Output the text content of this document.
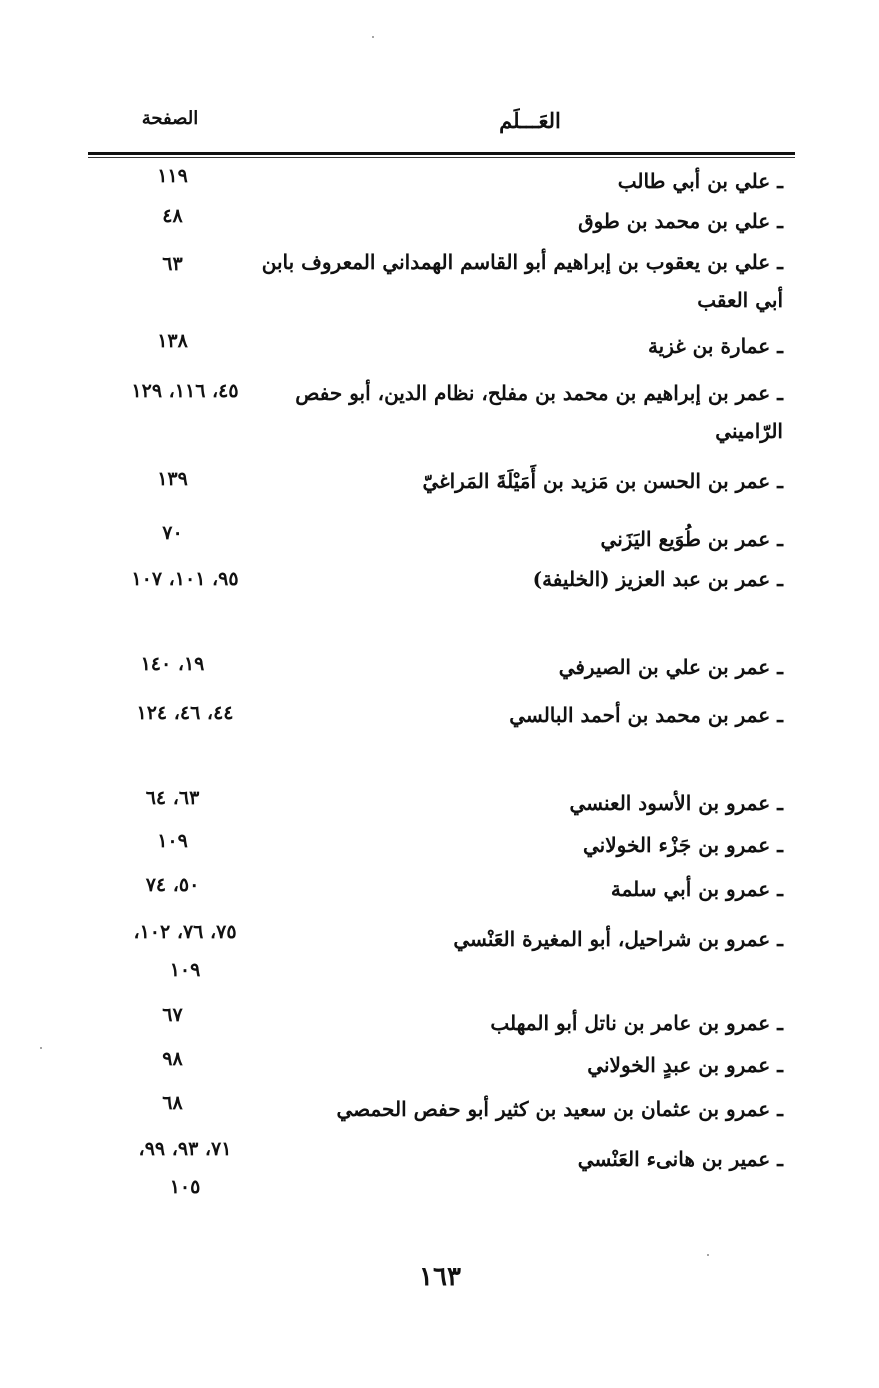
العَـــلَم
الصفحة
ـ علي بن أبي طالب
١١٩
ـ علي بن محمد بن طوق
٤٨
ـ علي بن يعقوب بن إبراهيم أبو القاسم الهمداني المعروف بابن أبي العقب
٦٣
ـ عمارة بن غزية
١٣٨
ـ عمر بن إبراهيم بن محمد بن مفلح، نظام الدين، أبو حفص الرّاميني
٤٥، ١١٦، ١٢٩
ـ عمر بن الحسن بن مَزيد بن أَمَيْلَةَ المَراغيّ
١٣٩
ـ عمر بن طُوَيع اليَزَني
٧٠
ـ عمر بن عبد العزيز (الخليفة)
٩٥، ١٠١، ١٠٧
ـ عمر بن علي بن الصيرفي
١٩، ١٤٠
ـ عمر بن محمد بن أحمد البالسي
٤٤، ٤٦، ١٢٤
ـ عمرو بن الأسود العنسي
٦٣، ٦٤
ـ عمرو بن جَزْء الخولاني
١٠٩
ـ عمرو بن أبي سلمة
٥٠، ٧٤
ـ عمرو بن شراحيل، أبو المغيرة العَنْسي
٧٥، ٧٦، ١٠٢، ١٠٩
ـ عمرو بن عامر بن ناتل أبو المهلب
٦٧
ـ عمرو بن عبدٍ الخولاني
٩٨
ـ عمرو بن عثمان بن سعيد بن كثير أبو حفص الحمصي
٦٨
ـ عمير بن هانىء العَنْسي
٧١، ٩٣، ٩٩، ١٠٥
١٦٣
